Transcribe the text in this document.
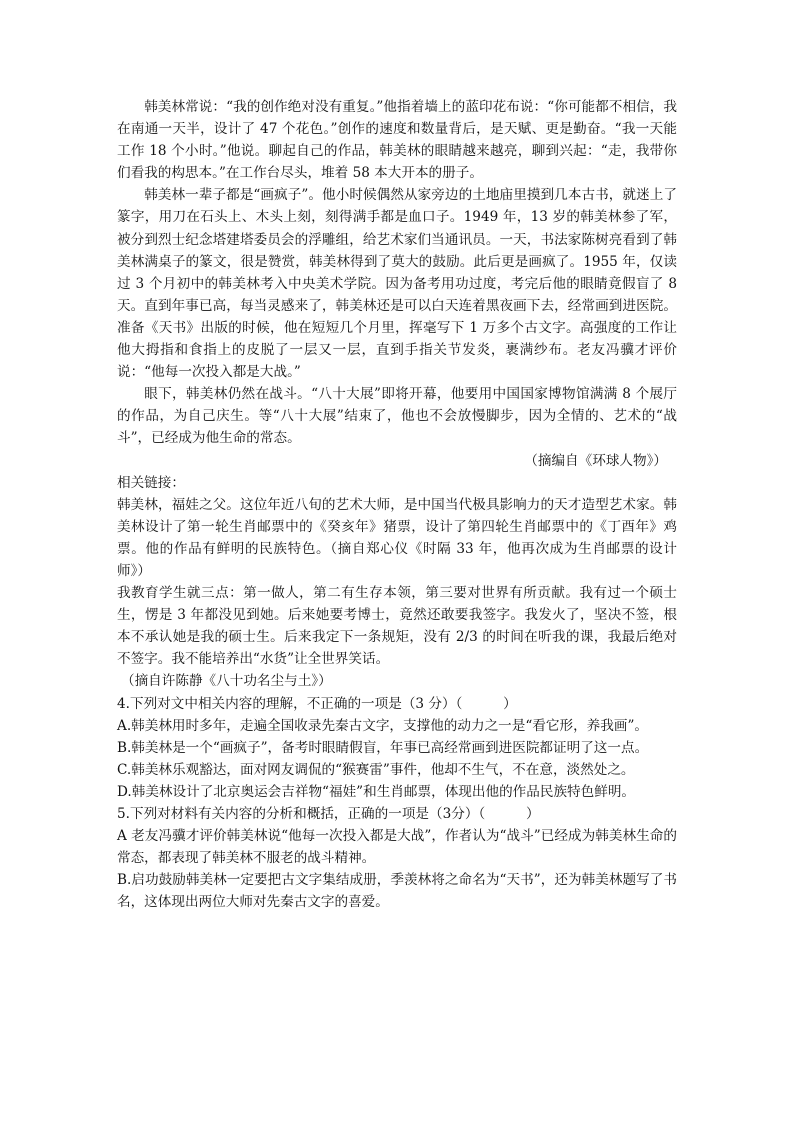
韩美林常说：“我的创作绝对没有重复。”他指着墙上的蓝印花布说：“你可能都不相信，我在南通一天半，设计了 47 个花色。”创作的速度和数量背后，是天赋、更是勤奋。“我一天能工作 18 个小时。”他说。聊起自己的作品，韩美林的眼睛越来越亮，聊到兴起：“走，我带你们看我的构思本。”在工作台尽头，堆着 58 本大开本的册子。

韩美林一辈子都是“画疯子”。他小时候偶然从家旁边的土地庙里摸到几本古书，就迷上了篆字，用刀在石头上、木头上刻，刻得满手都是血口子。1949 年，13 岁的韩美林参了军，被分到烈士纪念塔建塔委员会的浮雕组，给艺术家们当通讯员。一天，书法家陈树亮看到了韩美林满桌子的篆文，很是赞赏，韩美林得到了莫大的鼓励。此后更是画疯了。1955 年，仅读过 3 个月初中的韩美林考入中央美术学院。因为备考用功过度，考完后他的眼睛竟假盲了 8 天。直到年事已高，每当灵感来了，韩美林还是可以白天连着黑夜画下去，经常画到进医院。准备《天书》出版的时候，他在短短几个月里，挥毫写下 1 万多个古文字。高强度的工作让他大拇指和食指上的皮脱了一层又一层，直到手指关节发炎，裹满纱布。老友冯骥才评价说：“他每一次投入都是大战。”

眼下，韩美林仍然在战斗。“八十大展”即将开幕，他要用中国国家博物馆满满 8 个展厅的作品，为自己庆生。等“八十大展”结束了，他也不会放慢脚步，因为全情的、艺术的“战斗”，已经成为他生命的常态。

（摘编自《环球人物》）

相关链接：

韩美林，福娃之父。这位年近八旬的艺术大师，是中国当代极具影响力的天才造型艺术家。韩美林设计了第一轮生肖邮票中的《癸亥年》猪票，设计了第四轮生肖邮票中的《丁酉年》鸡票。他的作品有鲜明的民族特色。（摘自郑心仪《时隔 33 年，他再次成为生肖邮票的设计师》）

我教育学生就三点：第一做人，第二有生存本领，第三要对世界有所贡献。我有过一个硕士生，愣是 3 年都没见到她。后来她要考博士，竟然还敢要我签字。我发火了，坚决不签，根本不承认她是我的硕士生。后来我定下一条规矩，没有 2/3 的时间在听我的课，我最后绝对不签字。我不能培养出“水货”让全世界笑话。

（摘自许陈静《八十功名尘与土》）

4.下列对文中相关内容的理解，不正确的一项是（3 分）（　　　）

A.韩美林用时多年，走遍全国收录先秦古文字，支撑他的动力之一是“看它形，养我画”。

B.韩美林是一个“画疯子”，备考时眼睛假盲，年事已高经常画到进医院都证明了这一点。

C.韩美林乐观豁达，面对网友调侃的“猴赛雷”事件，他却不生气，不在意，淡然处之。

D.韩美林设计了北京奥运会吉祥物“福娃”和生肖邮票，体现出他的作品民族特色鲜明。

5.下列对材料有关内容的分析和概括，正确的一项是（3分）（　　　）

A 老友冯骥才评价韩美林说“他每一次投入都是大战”，作者认为“战斗”已经成为韩美林生命的常态，都表现了韩美林不服老的战斗精神。

B.启功鼓励韩美林一定要把古文字集结成册，季羡林将之命名为“天书”，还为韩美林题写了书名，这体现出两位大师对先秦古文字的喜爱。
